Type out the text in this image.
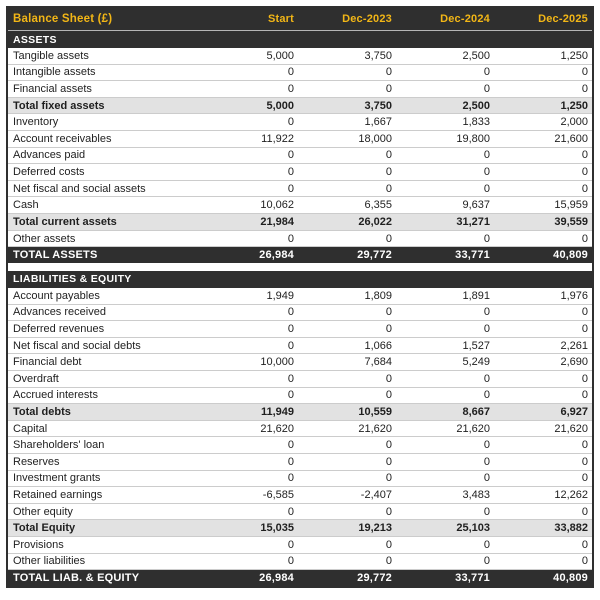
Balance Sheet (£)	Start	Dec-2023	Dec-2024	Dec-2025
ASSETS
Tangible assets	5,000	3,750	2,500	1,250
Intangible assets	0	0	0	0
Financial assets	0	0	0	0
Total fixed assets	5,000	3,750	2,500	1,250
Inventory	0	1,667	1,833	2,000
Account receivables	11,922	18,000	19,800	21,600
Advances paid	0	0	0	0
Deferred costs	0	0	0	0
Net fiscal and social assets	0	0	0	0
Cash	10,062	6,355	9,637	15,959
Total current assets	21,984	26,022	31,271	39,559
Other assets	0	0	0	0
TOTAL ASSETS	26,984	29,772	33,771	40,809
LIABILITIES & EQUITY
Account payables	1,949	1,809	1,891	1,976
Advances received	0	0	0	0
Deferred revenues	0	0	0	0
Net fiscal and social debts	0	1,066	1,527	2,261
Financial debt	10,000	7,684	5,249	2,690
Overdraft	0	0	0	0
Accrued interests	0	0	0	0
Total debts	11,949	10,559	8,667	6,927
Capital	21,620	21,620	21,620	21,620
Shareholders' loan	0	0	0	0
Reserves	0	0	0	0
Investment grants	0	0	0	0
Retained earnings	-6,585	-2,407	3,483	12,262
Other equity	0	0	0	0
Total Equity	15,035	19,213	25,103	33,882
Provisions	0	0	0	0
Other liabilities	0	0	0	0
TOTAL LIAB. & EQUITY	26,984	29,772	33,771	40,809
